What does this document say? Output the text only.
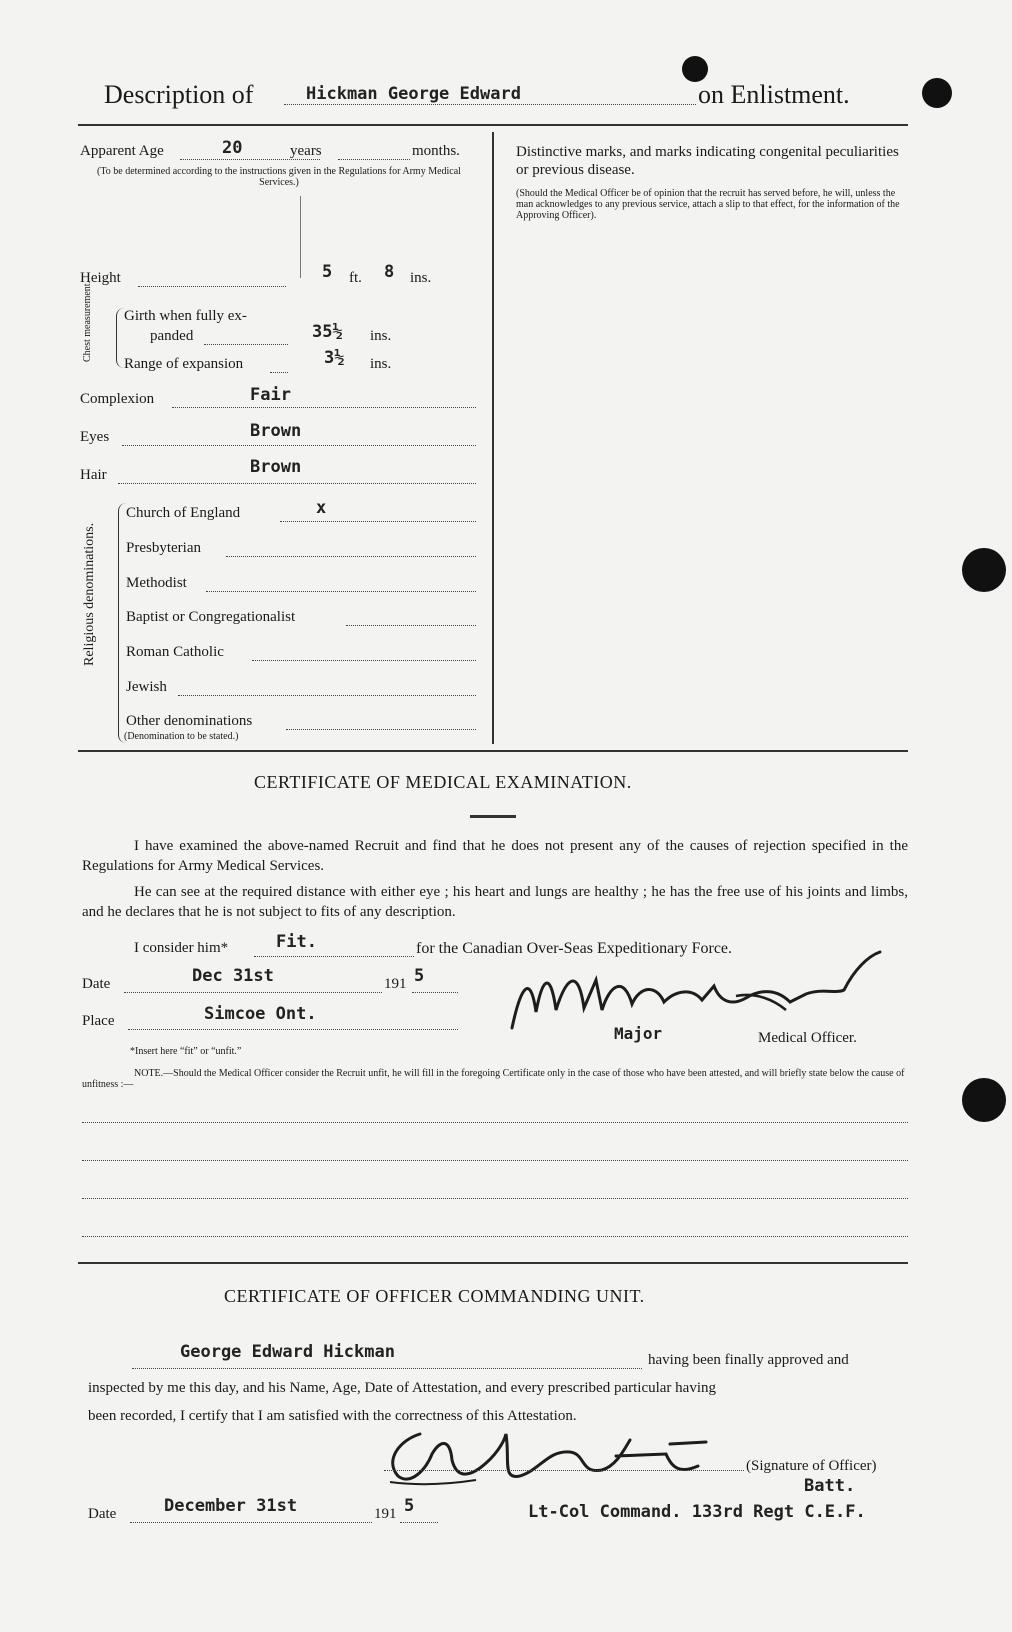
Description of	Hickman George Edward	on Enlistment.
Apparent Age	20	years	months.
(To be determined according to the instructions given in the Regulations for Army Medical Services.)
Height	5 ft. 8 ins.
Chest measurement. Girth when fully ex-
panded	35½ ins.
Range of expansion	3½ ins.
Complexion	Fair
Eyes	Brown
Hair	Brown
Religious denominations.
Church of England	x
Presbyterian
Methodist
Baptist or Congregationalist
Roman Catholic
Jewish
Other denominations
(Denomination to be stated.)
Distinctive marks, and marks indicating congenital peculiarities or previous disease.
(Should the Medical Officer be of opinion that the recruit has served before, he will, unless the man acknowledges to any previous service, attach a slip to that effect, for the information of the Approving Officer).
CERTIFICATE OF MEDICAL EXAMINATION.
I have examined the above-named Recruit and find that he does not present any of the causes of rejection specified in the Regulations for Army Medical Services.
He can see at the required distance with either eye ; his heart and lungs are healthy ; he has the free use of his joints and limbs, and he declares that he is not subject to fits of any description.
I consider him*	Fit.	for the Canadian Over-Seas Expeditionary Force.
Date	Dec 31st	191 5
Place	Simcoe Ont.
*Insert here “fit” or “unfit.”
Major	Medical Officer.
NOTE.—Should the Medical Officer consider the Recruit unfit, he will fill in the foregoing Certificate only in the case of those who have been attested, and will briefly state below the cause of unfitness :—
CERTIFICATE OF OFFICER COMMANDING UNIT.
George Edward Hickman	having been finally approved and
inspected by me this day, and his Name, Age, Date of Attestation, and every prescribed particular having
been recorded, I certify that I am satisfied with the correctness of this Attestation.
(Signature of Officer)
Date	December 31st	191 5
Batt.
Lt-Col Command. 133rd Regt C.E.F.
